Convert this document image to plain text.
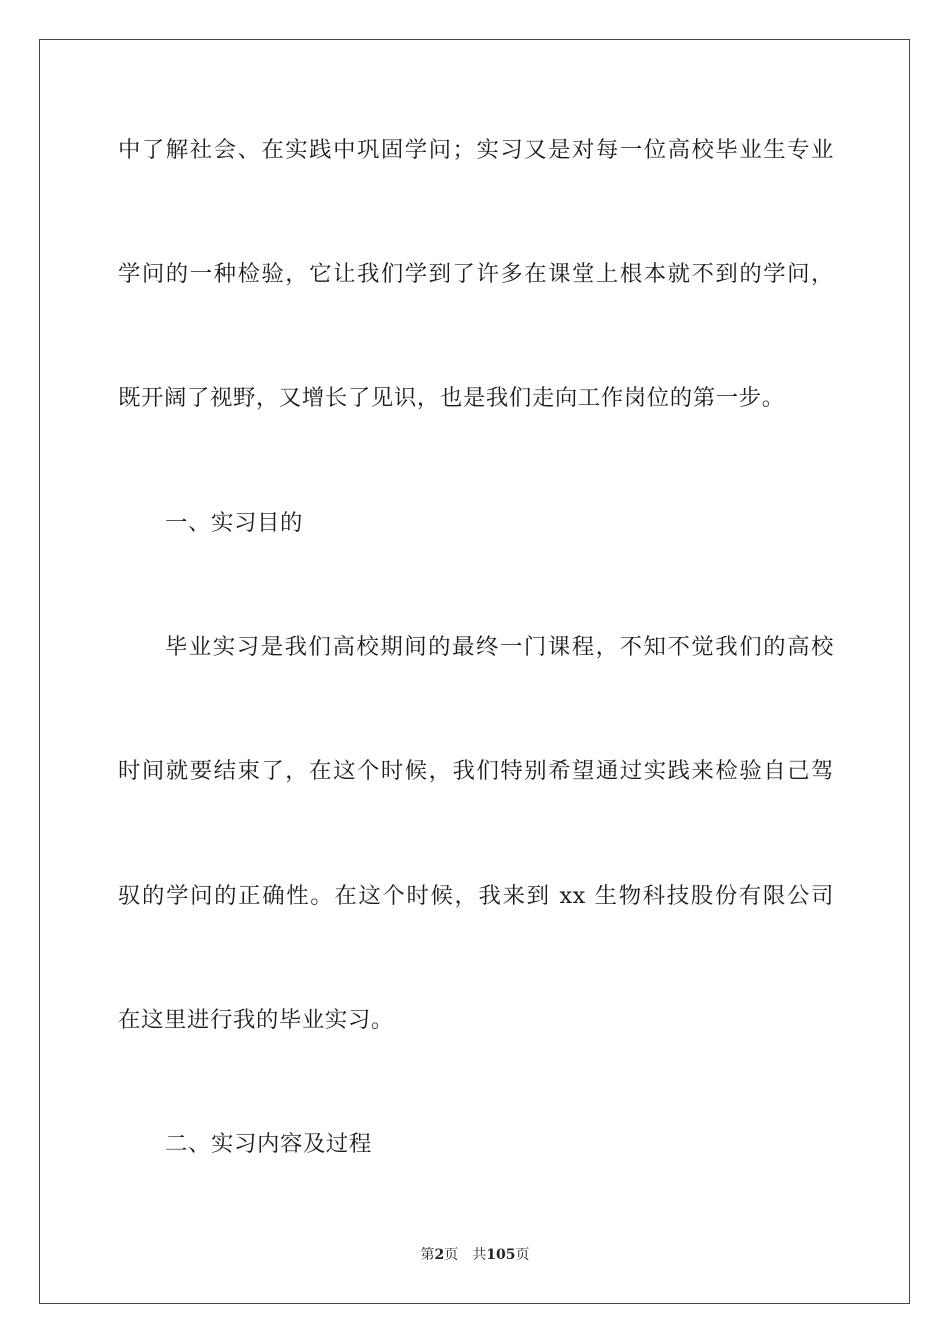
中了解社会、在实践中巩固学问；实习又是对每一位高校毕业生专业
学问的一种检验，它让我们学到了许多在课堂上根本就不到的学问，
既开阔了视野，又增长了见识，也是我们走向工作岗位的第一步。
一、实习目的
毕业实习是我们高校期间的最终一门课程，不知不觉我们的高校
时间就要结束了，在这个时候，我们特别希望通过实践来检验自己驾
驭的学问的正确性。在这个时候，我来到 xx 生物科技股份有限公司
在这里进行我的毕业实习。
二、实习内容及过程
第2页 共105页
